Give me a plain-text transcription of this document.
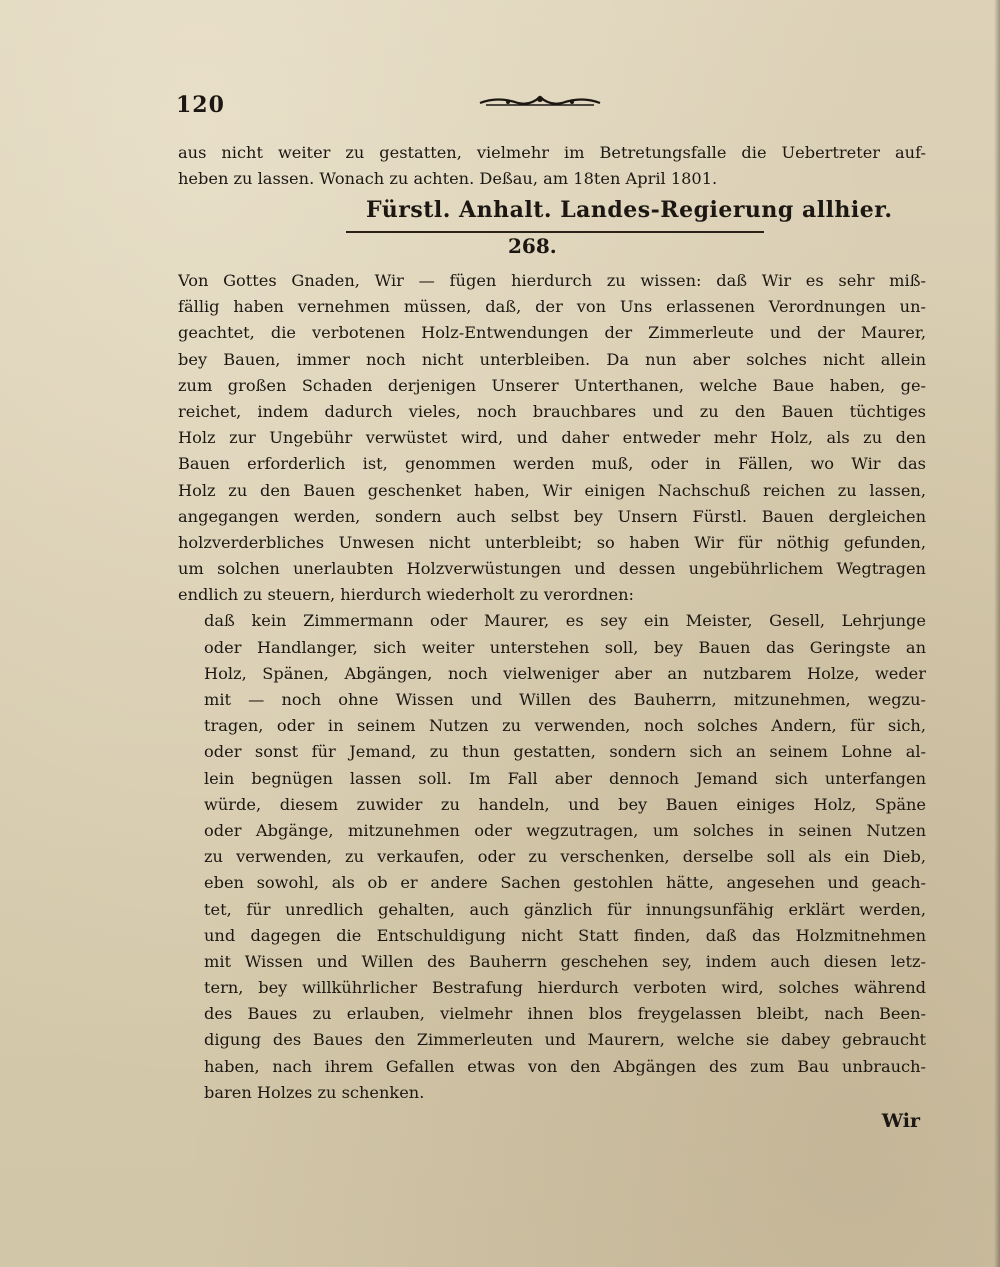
120
aus nicht weiter zu gestatten, vielmehr im Betretungsfalle die Uebertreter auf-
heben zu lassen. Wonach zu achten. Deßau, am 18ten April 1801.
Fürstl. Anhalt. Landes-Regierung allhier.
268.
Von Gottes Gnaden, Wir — fügen hierdurch zu wissen: daß Wir es sehr miß-
fällig haben vernehmen müssen, daß, der von Uns erlassenen Verordnungen un-
geachtet, die verbotenen Holz-Entwendungen der Zimmerleute und der Maurer,
bey Bauen, immer noch nicht unterbleiben. Da nun aber solches nicht allein
zum großen Schaden derjenigen Unserer Unterthanen, welche Baue haben, ge-
reichet, indem dadurch vieles, noch brauchbares und zu den Bauen tüchtiges
Holz zur Ungebühr verwüstet wird, und daher entweder mehr Holz, als zu den
Bauen erforderlich ist, genommen werden muß, oder in Fällen, wo Wir das
Holz zu den Bauen geschenket haben, Wir einigen Nachschuß reichen zu lassen,
angegangen werden, sondern auch selbst bey Unsern Fürstl. Bauen dergleichen
holzverderbliches Unwesen nicht unterbleibt; so haben Wir für nöthig gefunden,
um solchen unerlaubten Holzverwüstungen und dessen ungebührlichem Wegtragen
endlich zu steuern, hierdurch wiederholt zu verordnen:
daß kein Zimmermann oder Maurer, es sey ein Meister, Gesell, Lehrjunge
oder Handlanger, sich weiter unterstehen soll, bey Bauen das Geringste an
Holz, Spänen, Abgängen, noch vielweniger aber an nutzbarem Holze, weder
mit — noch ohne Wissen und Willen des Bauherrn, mitzunehmen, wegzu-
tragen, oder in seinem Nutzen zu verwenden, noch solches Andern, für sich,
oder sonst für Jemand, zu thun gestatten, sondern sich an seinem Lohne al-
lein begnügen lassen soll. Im Fall aber dennoch Jemand sich unterfangen
würde, diesem zuwider zu handeln, und bey Bauen einiges Holz, Späne
oder Abgänge, mitzunehmen oder wegzutragen, um solches in seinen Nutzen
zu verwenden, zu verkaufen, oder zu verschenken, derselbe soll als ein Dieb,
eben sowohl, als ob er andere Sachen gestohlen hätte, angesehen und geach-
tet, für unredlich gehalten, auch gänzlich für innungsunfähig erklärt werden,
und dagegen die Entschuldigung nicht Statt finden, daß das Holzmitnehmen
mit Wissen und Willen des Bauherrn geschehen sey, indem auch diesen letz-
tern, bey willkührlicher Bestrafung hierdurch verboten wird, solches während
des Baues zu erlauben, vielmehr ihnen blos freygelassen bleibt, nach Been-
digung des Baues den Zimmerleuten und Maurern, welche sie dabey gebraucht
haben, nach ihrem Gefallen etwas von den Abgängen des zum Bau unbrauch-
baren Holzes zu schenken.
Wir
